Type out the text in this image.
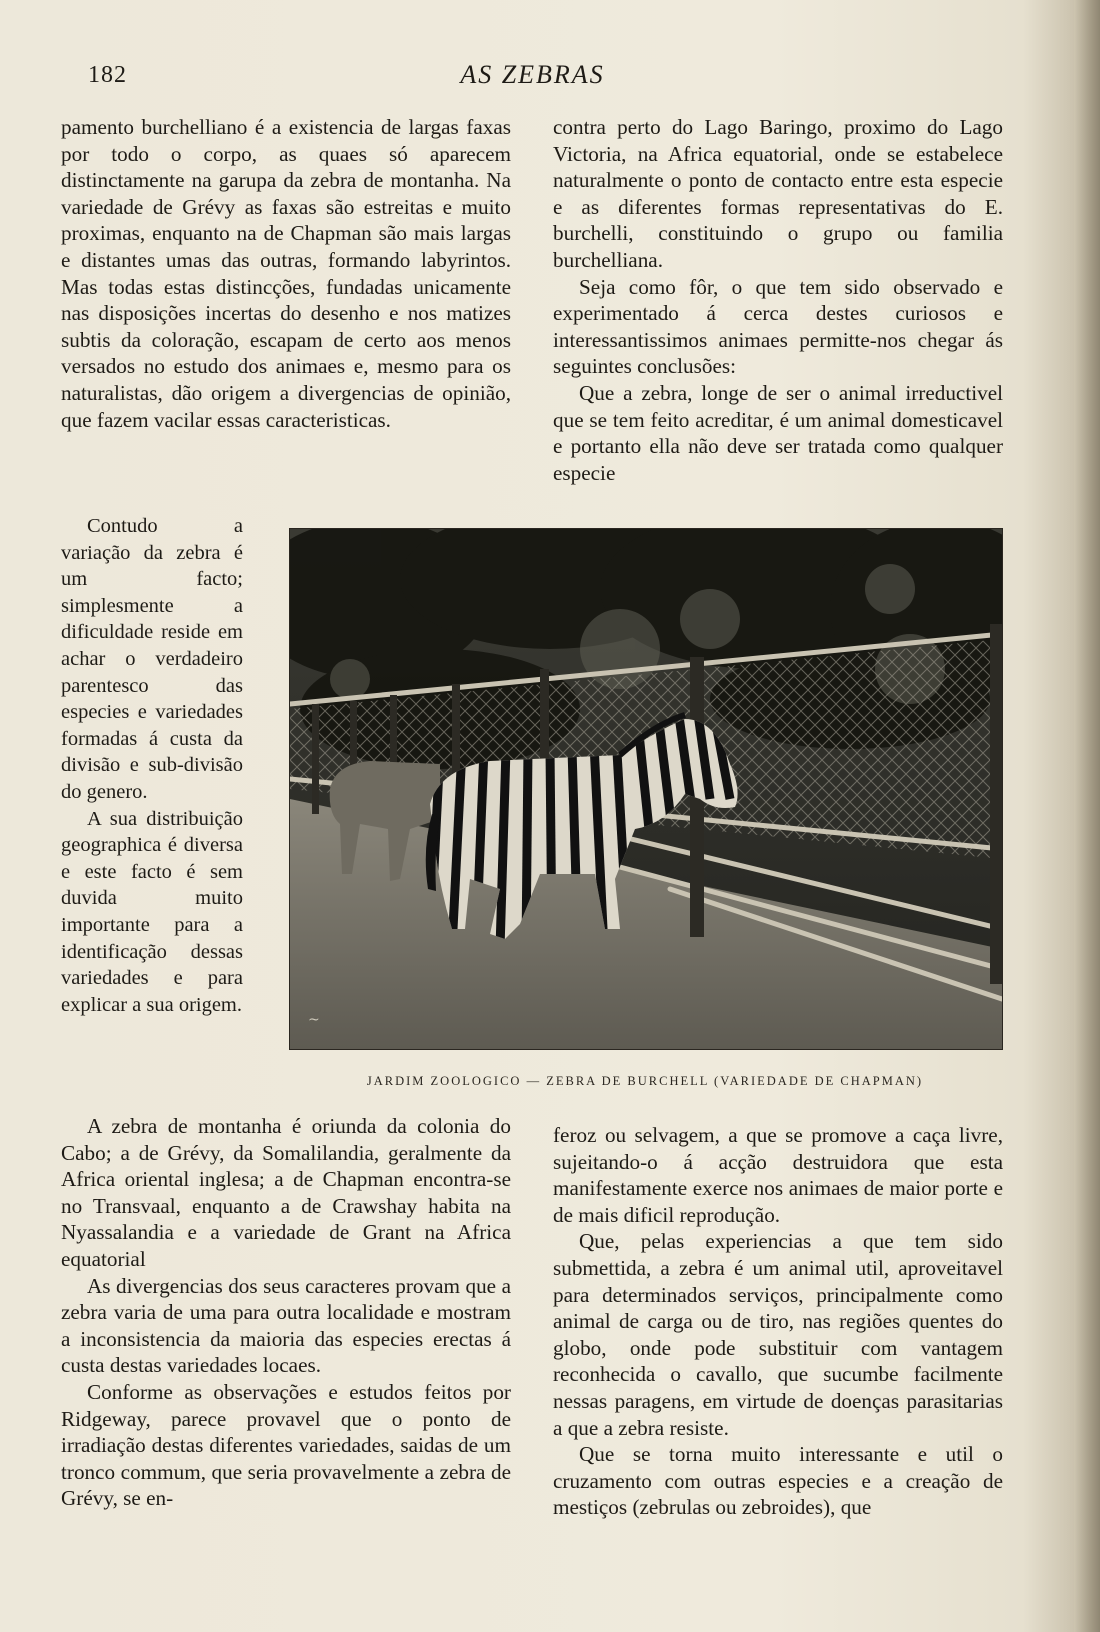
182	AS ZEBRAS

pamento burchelliano é a existencia de largas faxas por todo o corpo, as quaes só aparecem distinctamente na garupa da zebra de montanha. Na variedade de Grévy as faxas são estreitas e muito proximas, enquanto na de Chapman são mais largas e distantes umas das outras, formando labyrintos. Mas todas estas distincções, fundadas unicamente nas disposições incertas do desenho e nos matizes subtis da coloração, escapam de certo aos menos versados no estudo dos animaes e, mesmo para os naturalistas, dão origem a divergencias de opinião, que fazem vacilar essas caracteristicas.

contra perto do Lago Baringo, proximo do Lago Victoria, na Africa equatorial, onde se estabelece naturalmente o ponto de contacto entre esta especie e as diferentes formas representativas do E. burchelli, constituindo o grupo ou familia burchelliana.

Seja como fôr, o que tem sido observado e experimentado á cerca destes curiosos e interessantissimos animaes permitte-nos chegar ás seguintes conclusões:

Que a zebra, longe de ser o animal irreductivel que se tem feito acreditar, é um animal domesticavel e portanto ella não deve ser tratada como qualquer especie

Contudo a variação da zebra é um facto; simplesmente a dificuldade reside em achar o verdadeiro parentesco das especies e variedades formadas á custa da divisão e sub-divisão do genero.

A sua distribuição geographica é diversa e este facto é sem duvida muito importante para a identificação dessas variedades e para explicar a sua origem.

~
JARDIM ZOOLOGICO — ZEBRA DE BURCHELL (VARIEDADE DE CHAPMAN)

A zebra de montanha é oriunda da colonia do Cabo; a de Grévy, da Somalilandia, geralmente da Africa oriental inglesa; a de Chapman encontra-se no Transvaal, enquanto a de Crawshay habita na Nyassalandia e a variedade de Grant na Africa equatorial

As divergencias dos seus caracteres provam que a zebra varia de uma para outra localidade e mostram a inconsistencia da maioria das especies erectas á custa destas variedades locaes.

Conforme as observações e estudos feitos por Ridgeway, parece provavel que o ponto de irradiação destas diferentes variedades, saidas de um tronco commum, que seria provavelmente a zebra de Grévy, se en-

feroz ou selvagem, a que se promove a caça livre, sujeitando-o á acção destruidora que esta manifestamente exerce nos animaes de maior porte e de mais dificil reprodução.

Que, pelas experiencias a que tem sido submettida, a zebra é um animal util, aproveitavel para determinados serviços, principalmente como animal de carga ou de tiro, nas regiões quentes do globo, onde pode substituir com vantagem reconhecida o cavallo, que sucumbe facilmente nessas paragens, em virtude de doenças parasitarias a que a zebra resiste.

Que se torna muito interessante e util o cruzamento com outras especies e a creação de mestiços (zebrulas ou zebroides), que
